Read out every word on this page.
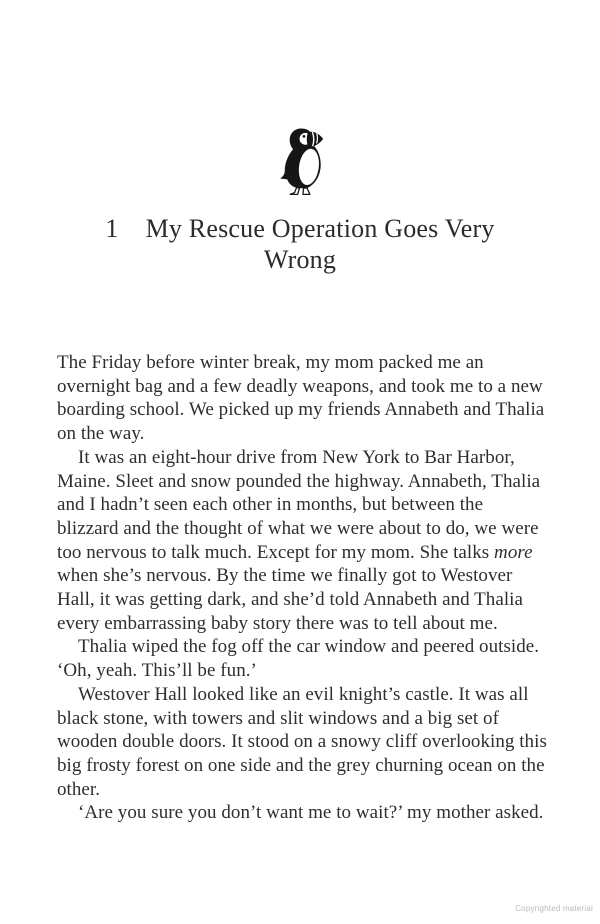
1 My Rescue Operation Goes Very
Wrong

The Friday before winter break, my mom packed me an overnight bag and a few deadly weapons, and took me to a new boarding school. We picked up my friends Annabeth and Thalia on the way.

It was an eight-hour drive from New York to Bar Harbor, Maine. Sleet and snow pounded the highway. Annabeth, Thalia and I hadn’t seen each other in months, but between the blizzard and the thought of what we were about to do, we were too nervous to talk much. Except for my mom. She talks more when she’s nervous. By the time we finally got to Westover Hall, it was getting dark, and she’d told Annabeth and Thalia every embarrassing baby story there was to tell about me.

Thalia wiped the fog off the car window and peered outside. ‘Oh, yeah. This’ll be fun.’

Westover Hall looked like an evil knight’s castle. It was all black stone, with towers and slit windows and a big set of wooden double doors. It stood on a snowy cliff overlooking this big frosty forest on one side and the grey churning ocean on the other.

‘Are you sure you don’t want me to wait?’ my mother asked.

Copyrighted material
